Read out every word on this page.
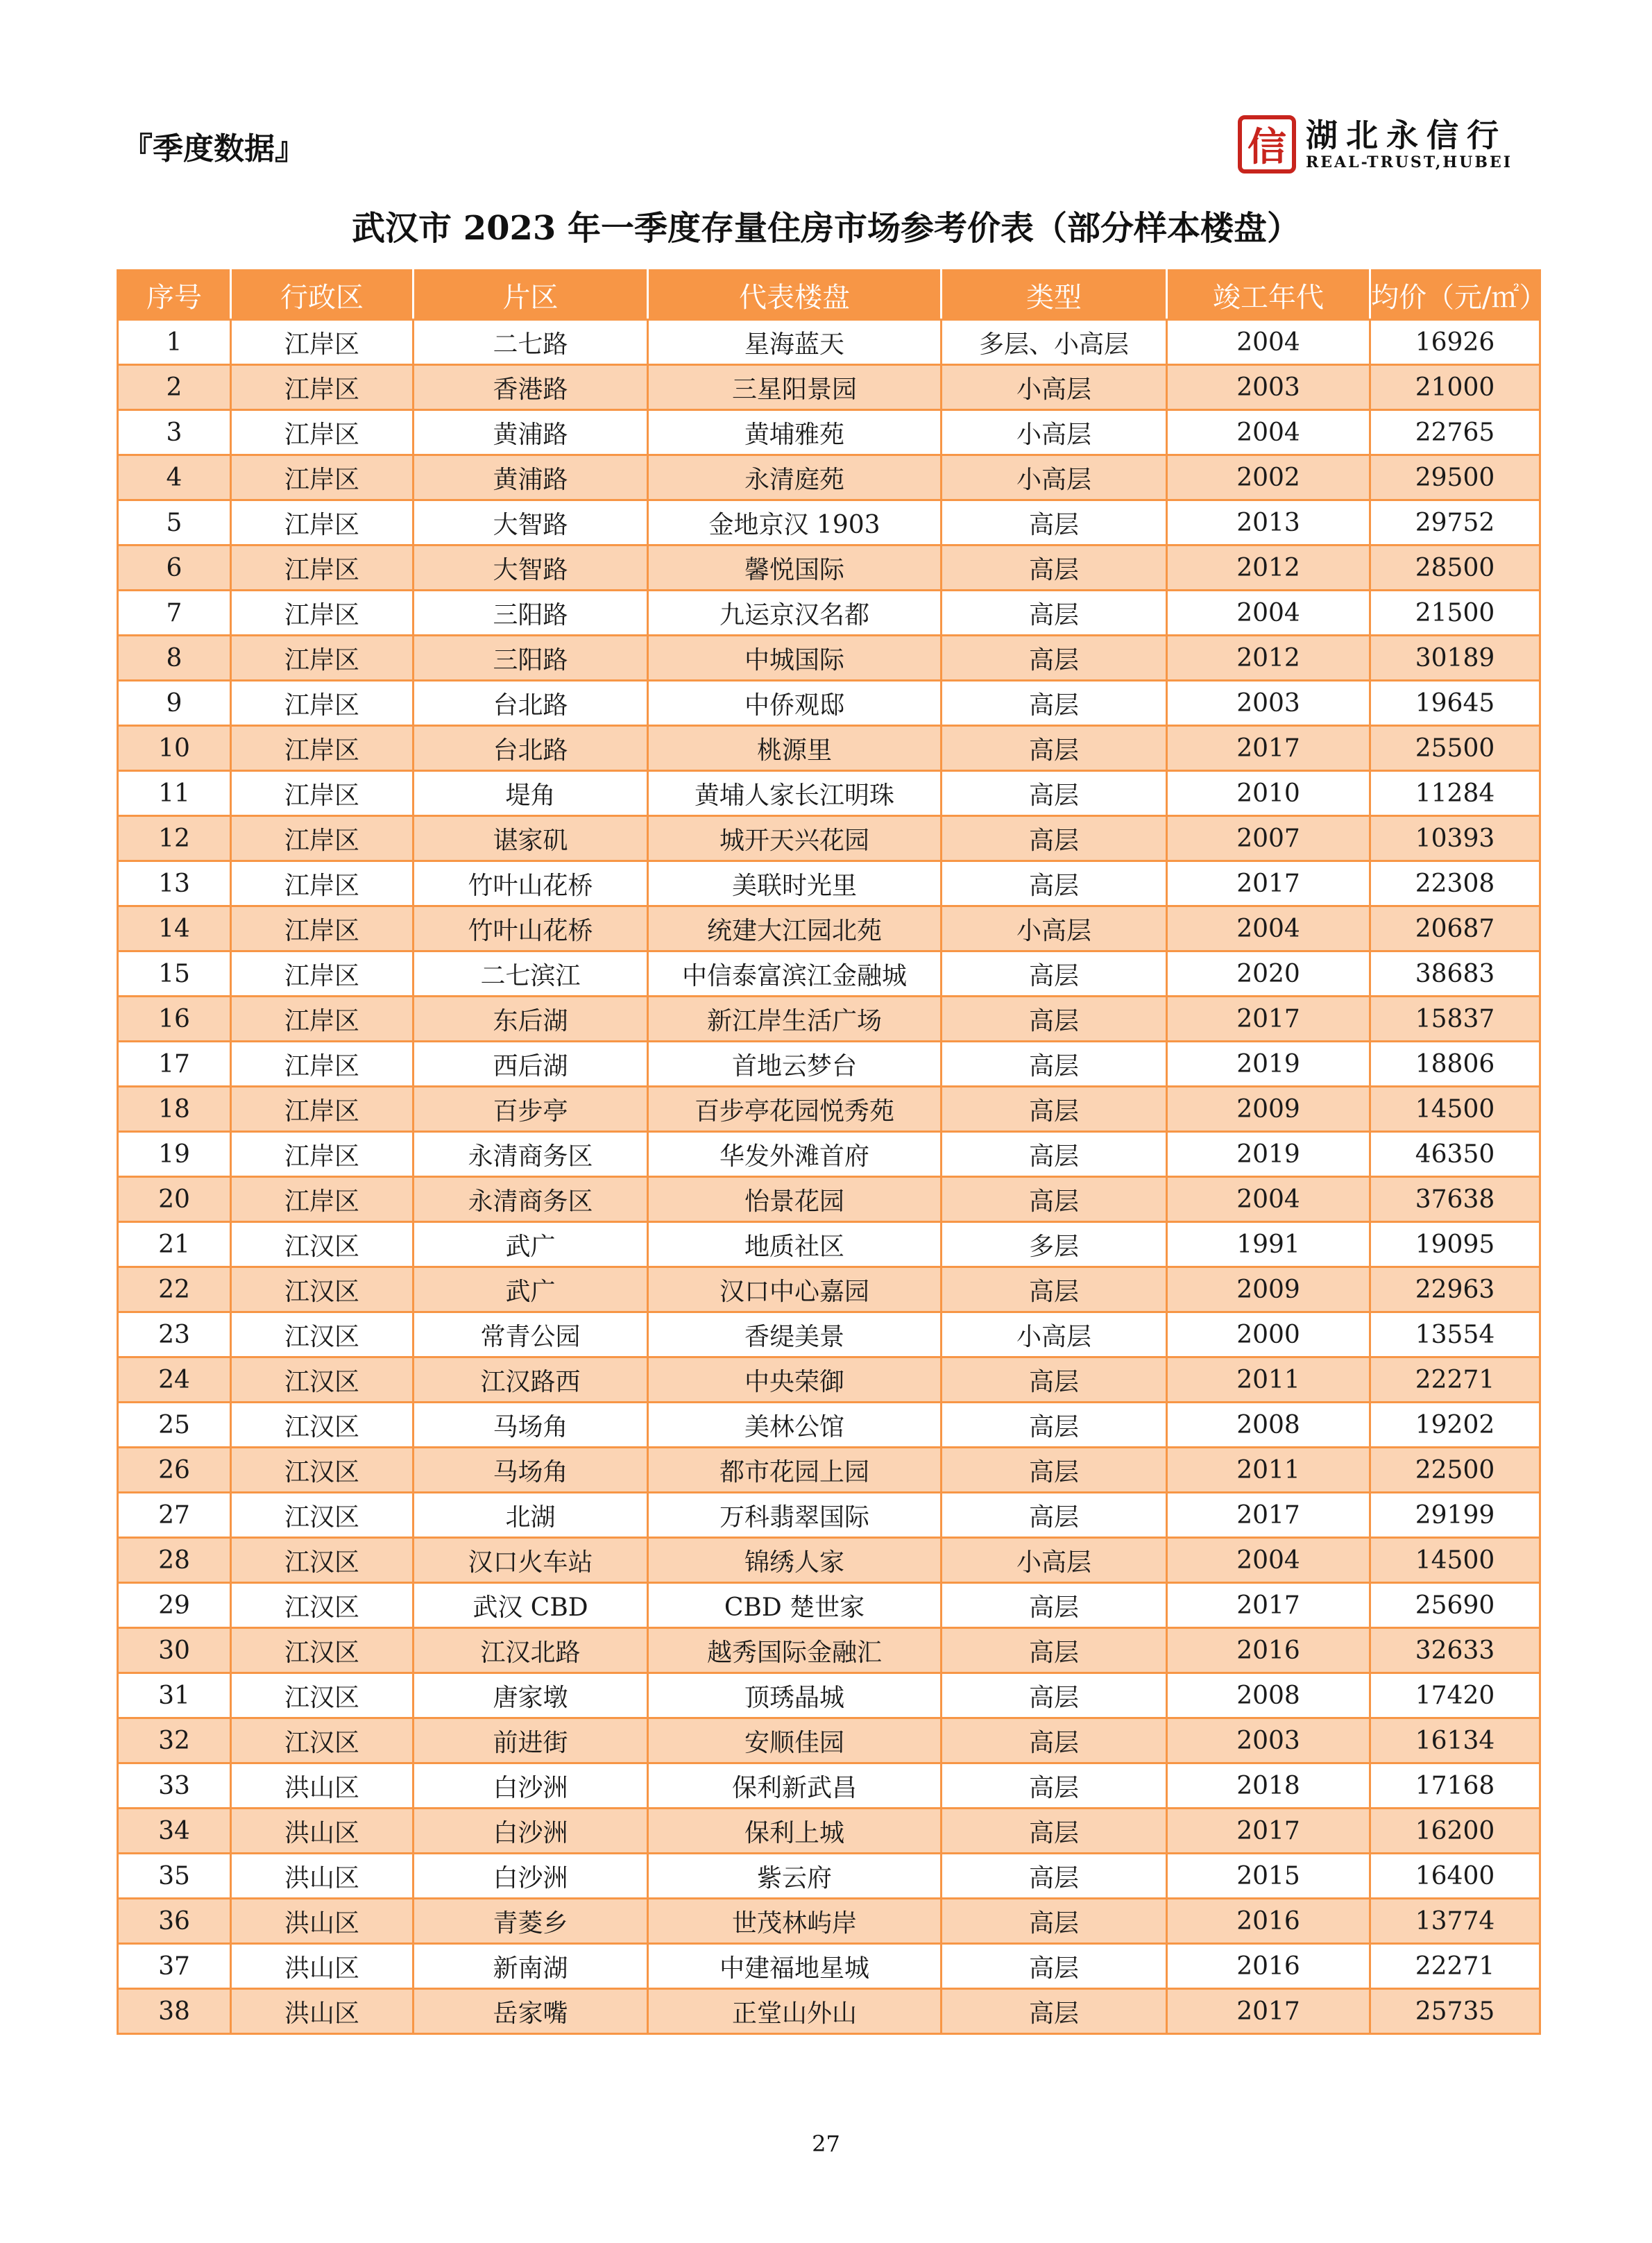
『季度数据』	信 湖北永信行
REAL-TRUST,HUBEI
武汉市 2023 年一季度存量住房市场参考价表（部分样本楼盘）
序号	行政区	片区	代表楼盘	类型	竣工年代	均价（元/㎡）
1	江岸区	二七路	星海蓝天	多层、小高层	2004	16926
2	江岸区	香港路	三星阳景园	小高层	2003	21000
3	江岸区	黄浦路	黄埔雅苑	小高层	2004	22765
4	江岸区	黄浦路	永清庭苑	小高层	2002	29500
5	江岸区	大智路	金地京汉 1903	高层	2013	29752
6	江岸区	大智路	馨悦国际	高层	2012	28500
7	江岸区	三阳路	九运京汉名都	高层	2004	21500
8	江岸区	三阳路	中城国际	高层	2012	30189
9	江岸区	台北路	中侨观邸	高层	2003	19645
10	江岸区	台北路	桃源里	高层	2017	25500
11	江岸区	堤角	黄埔人家长江明珠	高层	2010	11284
12	江岸区	谌家矶	城开天兴花园	高层	2007	10393
13	江岸区	竹叶山花桥	美联时光里	高层	2017	22308
14	江岸区	竹叶山花桥	统建大江园北苑	小高层	2004	20687
15	江岸区	二七滨江	中信泰富滨江金融城	高层	2020	38683
16	江岸区	东后湖	新江岸生活广场	高层	2017	15837
17	江岸区	西后湖	首地云梦台	高层	2019	18806
18	江岸区	百步亭	百步亭花园悦秀苑	高层	2009	14500
19	江岸区	永清商务区	华发外滩首府	高层	2019	46350
20	江岸区	永清商务区	怡景花园	高层	2004	37638
21	江汉区	武广	地质社区	多层	1991	19095
22	江汉区	武广	汉口中心嘉园	高层	2009	22963
23	江汉区	常青公园	香缇美景	小高层	2000	13554
24	江汉区	江汉路西	中央荣御	高层	2011	22271
25	江汉区	马场角	美林公馆	高层	2008	19202
26	江汉区	马场角	都市花园上园	高层	2011	22500
27	江汉区	北湖	万科翡翠国际	高层	2017	29199
28	江汉区	汉口火车站	锦绣人家	小高层	2004	14500
29	江汉区	武汉 CBD	CBD 楚世家	高层	2017	25690
30	江汉区	江汉北路	越秀国际金融汇	高层	2016	32633
31	江汉区	唐家墩	顶琇晶城	高层	2008	17420
32	江汉区	前进街	安顺佳园	高层	2003	16134
33	洪山区	白沙洲	保利新武昌	高层	2018	17168
34	洪山区	白沙洲	保利上城	高层	2017	16200
35	洪山区	白沙洲	紫云府	高层	2015	16400
36	洪山区	青菱乡	世茂林屿岸	高层	2016	13774
37	洪山区	新南湖	中建福地星城	高层	2016	22271
38	洪山区	岳家嘴	正堂山外山	高层	2017	25735
27
